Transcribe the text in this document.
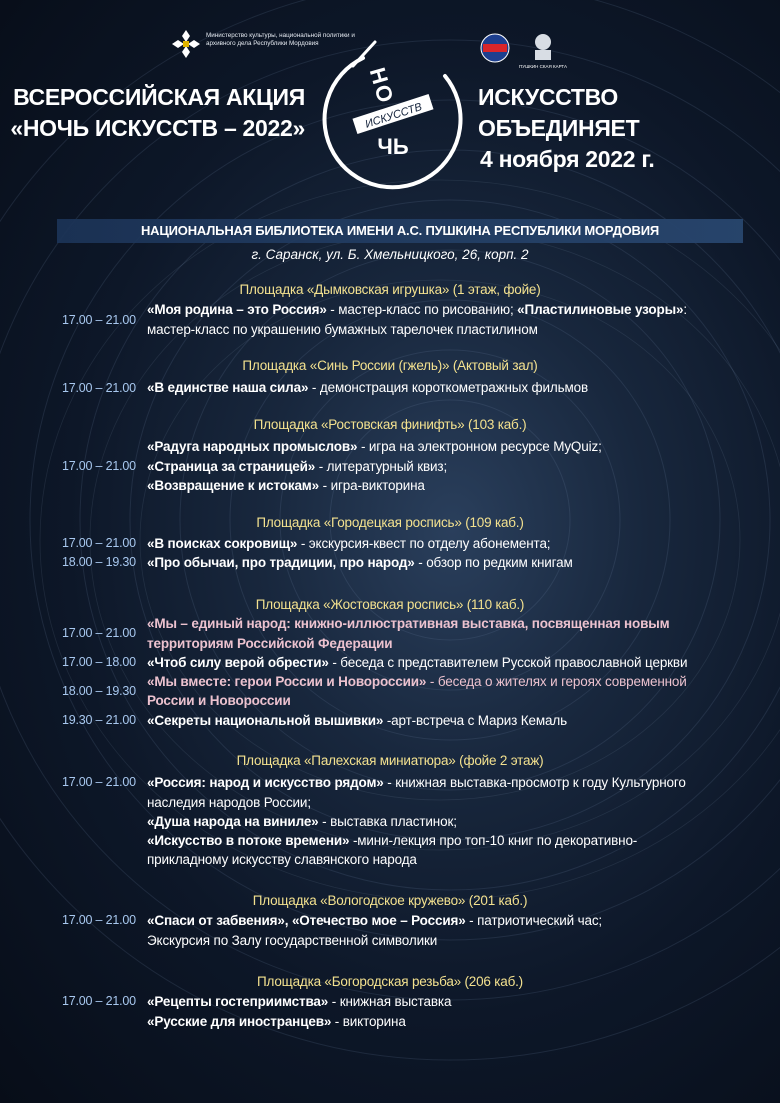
Министерство культуры, национальной политики и архивного дела Республики Мордовия
ПУШКИН СКАЯ КАРТА
ВСЕРОССИЙСКАЯ АКЦИЯ
«НОЧЬ ИСКУССТВ – 2022»
ИСКУССТВО ОБЪЕДИНЯЕТ
4 ноября 2022 г.
НО
ИСКУССТВ
ЧЬ
НАЦИОНАЛЬНАЯ БИБЛИОТЕКА ИМЕНИ А.С. ПУШКИНА РЕСПУБЛИКИ МОРДОВИЯ
г. Саранск, ул. Б. Хмельницкого, 26, корп. 2
Площадка «Дымковская игрушка» (1 этаж, фойе)
17.00 – 21.00
«Моя родина – это Россия» - мастер-класс по рисованию; «Пластилиновые узоры»:
мастер-класс по украшению бумажных тарелочек пластилином
Площадка «Синь России (гжель)» (Актовый зал)
17.00 – 21.00 «В единстве наша сила» - демонстрация короткометражных фильмов
Площадка «Ростовская финифть» (103 каб.)
«Радуга народных промыслов» - игра на электронном ресурсе MyQuiz;
17.00 – 21.00 «Страница за страницей» - литературный квиз;
«Возвращение к истокам» - игра-викторина
Площадка «Городецкая роспись» (109 каб.)
17.00 – 21.00 «В поисках сокровищ» - экскурсия-квест по отделу абонемента;
18.00 – 19.30 «Про обычаи, про традиции, про народ» - обзор по редким книгам
Площадка «Жостовская роспись» (110 каб.)
17.00 – 21.00
«Мы – единый народ: книжно-иллюстративная выставка, посвященная новым
территориям Российской Федерации
17.00 – 18.00 «Чтоб силу верой обрести» - беседа с представителем Русской православной церкви
18.00 – 19.30
«Мы вместе: герои России и Новороссии» - беседа о жителях и героях современной
России и Новороссии
19.30 – 21.00 «Секреты национальной вышивки» -арт-встреча с Мариз Кемаль
Площадка «Палехская миниатюра» (фойе 2 этаж)
17.00 – 21.00 «Россия: народ и искусство рядом» - книжная выставка-просмотр к году Культурного
наследия народов России;
«Душа народа на виниле» - выставка пластинок;
«Искусство в потоке времени» -мини-лекция про топ-10 книг по декоративно-
прикладному искусству славянского народа
Площадка «Вологодское кружево» (201 каб.)
17.00 – 21.00 «Спаси от забвения», «Отечество мое – Россия» - патриотический час;
Экскурсия по Залу государственной символики
Площадка «Богородская резьба» (206 каб.)
17.00 – 21.00 «Рецепты гостеприимства» - книжная выставка
«Русские для иностранцев» - викторина
